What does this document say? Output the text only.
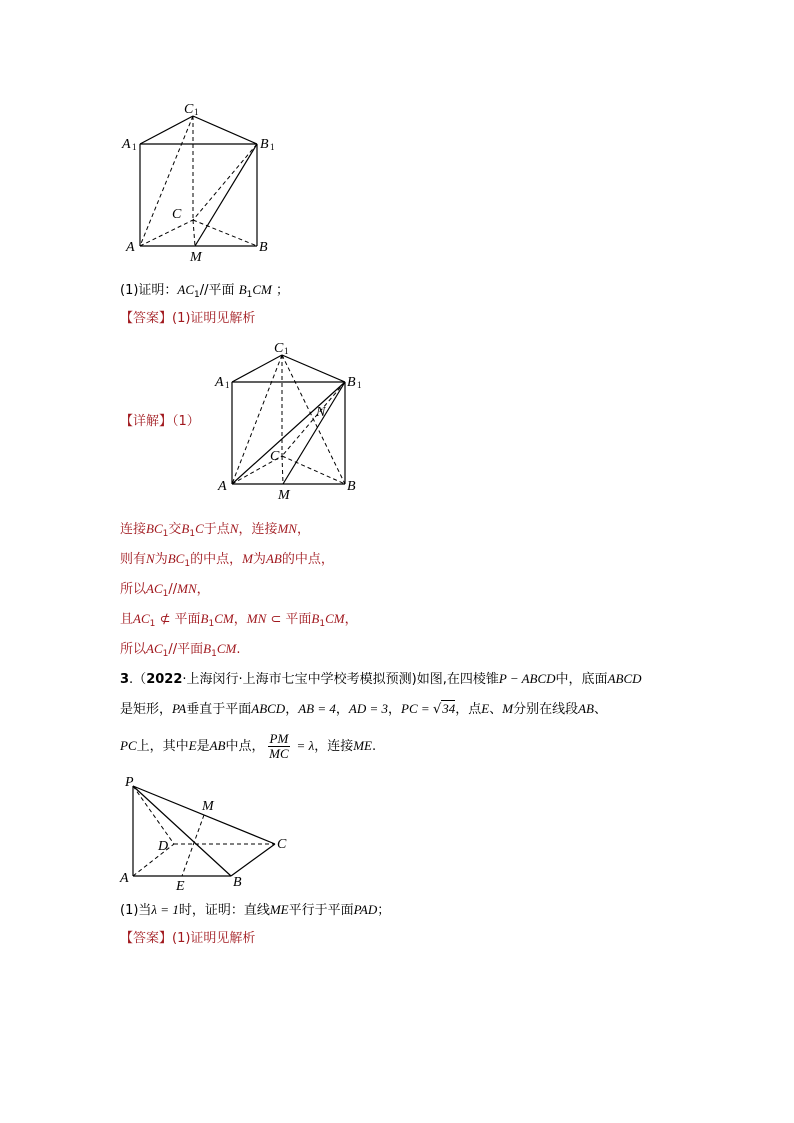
C 1
A 1	B 1
C
A
M
B
(1)证明：$AC_1//$平面 $B_1CM$ ；
【答案】(1)证明见解析
【详解】（1）
C 1
A 1	B 1
N
C
A
M
B
连接$BC_1$交$B_1C$于点N，连接MN，
则有N为$BC_1$的中点，M为AB的中点，
所以$AC_1//MN$，
且$AC_1$ ⊄ 平面$B_1CM$，MN ⊂ 平面$B_1CM$，
所以$AC_1//$平面$B_1CM$.
3.（2022·上海闵行·上海市七宝中学校考模拟预测)如图,在四棱锥P − ABCD中，底面ABCD
是矩形，PA垂直于平面ABCD，AB = 4，AD = 3，PC = √34，点E、M分别在线段AB、
PC上，其中E是AB中点， $\frac{PM}{MC} = \lambda$，连接ME.
P
M
D	C
A
E	B
(1)当λ = 1时，证明：直线ME平行于平面PAD；
【答案】(1)证明见解析
